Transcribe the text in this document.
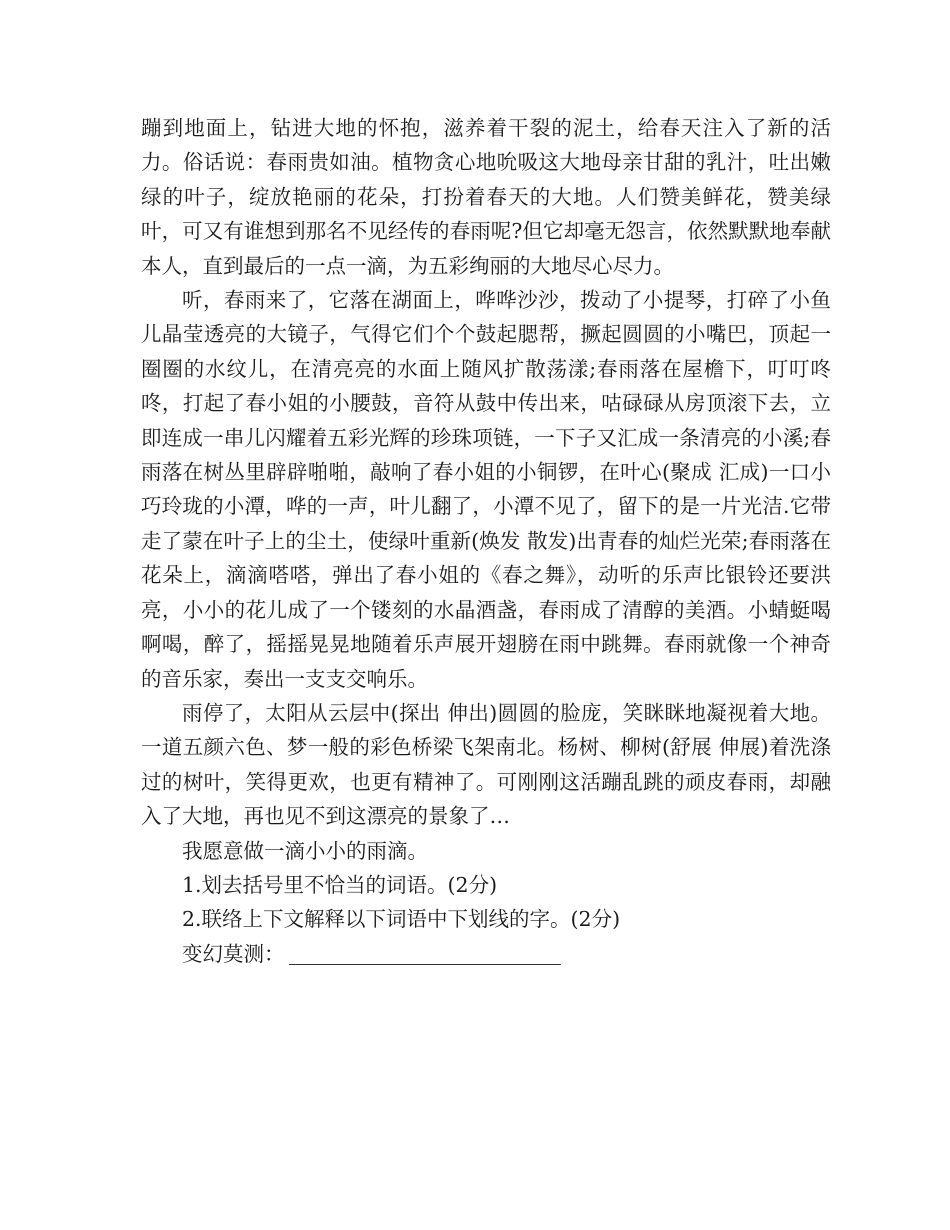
蹦到地面上，钻进大地的怀抱，滋养着干裂的泥土，给春天注入了新的活力。俗话说：春雨贵如油。植物贪心地吮吸这大地母亲甘甜的乳汁，吐出嫩绿的叶子，绽放艳丽的花朵，打扮着春天的大地。人们赞美鲜花，赞美绿叶，可又有谁想到那名不见经传的春雨呢?但它却毫无怨言，依然默默地奉献本人，直到最后的一点一滴，为五彩绚丽的大地尽心尽力。

听，春雨来了，它落在湖面上，哗哗沙沙，拨动了小提琴，打碎了小鱼儿晶莹透亮的大镜子，气得它们个个鼓起腮帮，撅起圆圆的小嘴巴，顶起一圈圈的水纹儿，在清亮亮的水面上随风扩散荡漾;春雨落在屋檐下，叮叮咚咚，打起了春小姐的小腰鼓，音符从鼓中传出来，咕碌碌从房顶滚下去，立即连成一串儿闪耀着五彩光辉的珍珠项链，一下子又汇成一条清亮的小溪;春雨落在树丛里辟辟啪啪，敲响了春小姐的小铜锣，在叶心(聚成 汇成)一口小巧玲珑的小潭，哗的一声，叶儿翻了，小潭不见了，留下的是一片光洁.它带走了蒙在叶子上的尘土，使绿叶重新(焕发 散发)出青春的灿烂光荣;春雨落在花朵上，滴滴嗒嗒，弹出了春小姐的《春之舞》，动听的乐声比银铃还要洪亮，小小的花儿成了一个镂刻的水晶酒盏，春雨成了清醇的美酒。小蜻蜓喝啊喝，醉了，摇摇晃晃地随着乐声展开翅膀在雨中跳舞。春雨就像一个神奇的音乐家，奏出一支支交响乐。

雨停了，太阳从云层中(探出 伸出)圆圆的脸庞，笑眯眯地凝视着大地。一道五颜六色、梦一般的彩色桥梁飞架南北。杨树、柳树(舒展 伸展)着洗涤过的树叶，笑得更欢，也更有精神了。可刚刚这活蹦乱跳的顽皮春雨，却融入了大地，再也见不到这漂亮的景象了…

我愿意做一滴小小的雨滴。

1.划去括号里不恰当的词语。(2分)

2.联络上下文解释以下词语中下划线的字。(2分)

变幻莫测：
